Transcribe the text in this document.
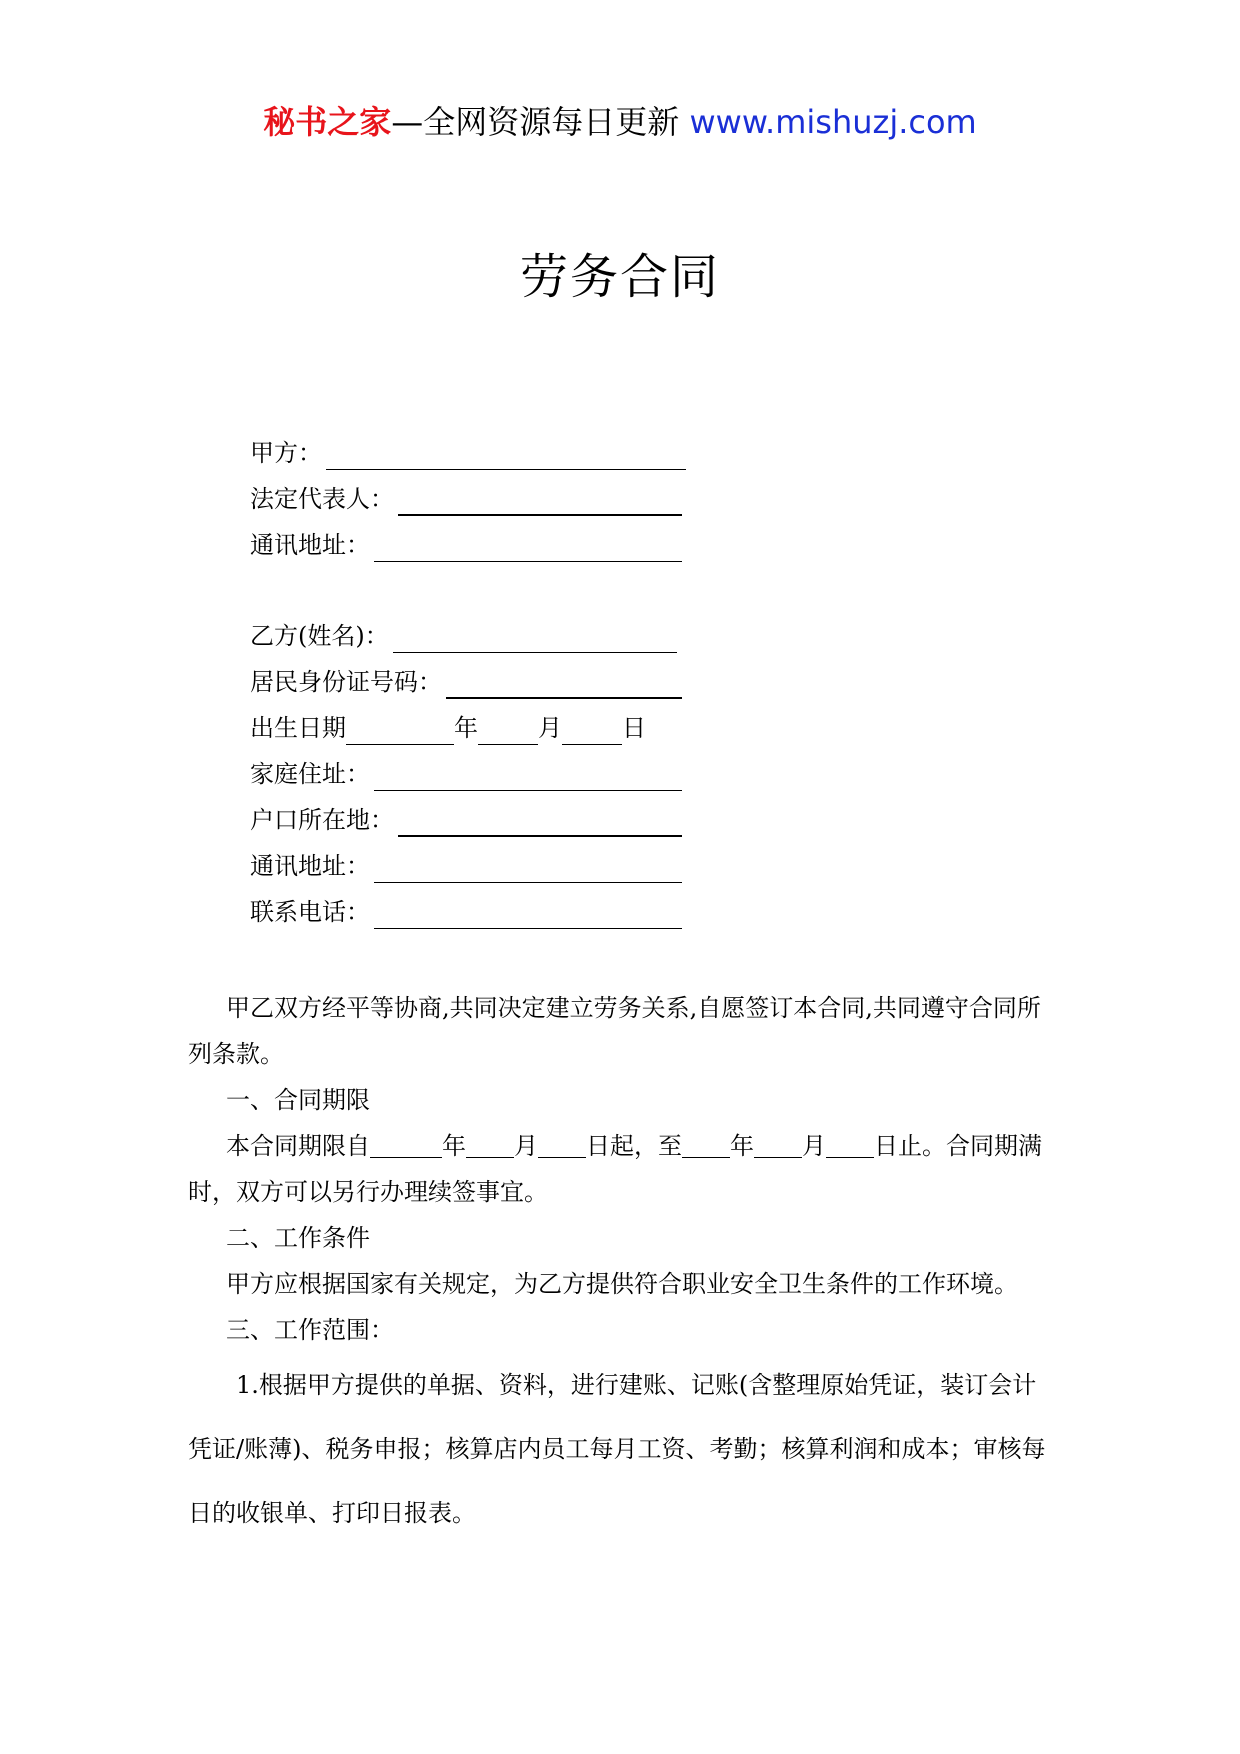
秘书之家—全网资源每日更新 www.mishuzj.com
劳务合同
甲方：
法定代表人：
通讯地址：
乙方(姓名)：
居民身份证号码：
出生日期	年	月	日
家庭住址：
户口所在地：
通讯地址：
联系电话：

甲乙双方经平等协商,共同决定建立劳务关系,自愿签订本合同,共同遵守合同所列条款。

一、合同期限

本合同期限自	年 月 日起，至 年 月 日止。合同期满时，双方可以另行办理续签事宜。

二、工作条件

甲方应根据国家有关规定，为乙方提供符合职业安全卫生条件的工作环境。

三、工作范围：

1.根据甲方提供的单据、资料，进行建账、记账(含整理原始凭证，装订会计凭证/账薄)、税务申报；核算店内员工每月工资、考勤；核算利润和成本；审核每日的收银单、打印日报表。
